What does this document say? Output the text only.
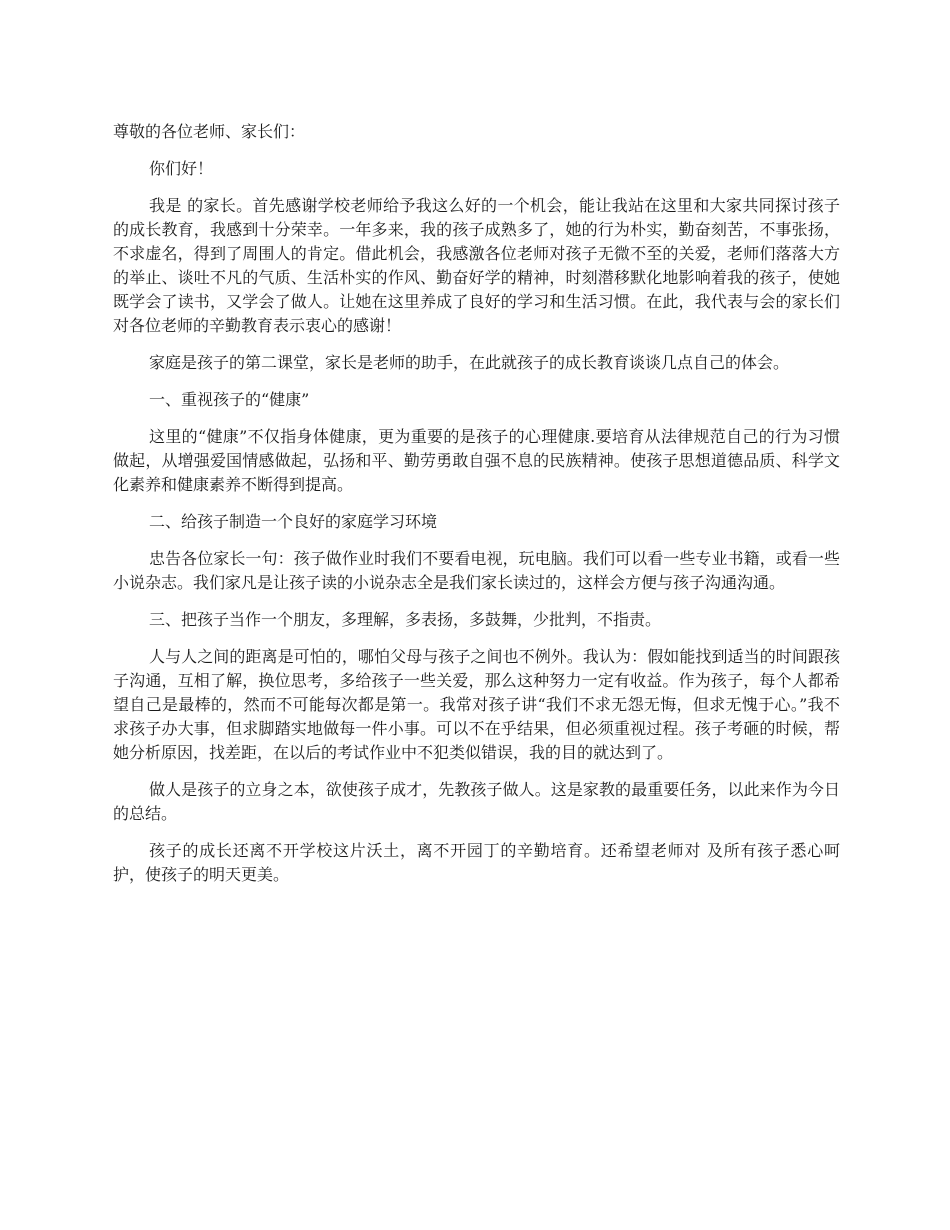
尊敬的各位老师、家长们：

你们好！

我是 的家长。首先感谢学校老师给予我这么好的一个机会，能让我站在这里和大家共同探讨孩子的成长教育，我感到十分荣幸。一年多来，我的孩子成熟多了，她的行为朴实，勤奋刻苦，不事张扬，不求虚名，得到了周围人的肯定。借此机会，我感激各位老师对孩子无微不至的关爱，老师们落落大方的举止、谈吐不凡的气质、生活朴实的作风、勤奋好学的精神，时刻潜移默化地影响着我的孩子，使她既学会了读书，又学会了做人。让她在这里养成了良好的学习和生活习惯。在此，我代表与会的家长们对各位老师的辛勤教育表示衷心的感谢！

家庭是孩子的第二课堂，家长是老师的助手，在此就孩子的成长教育谈谈几点自己的体会。

一、重视孩子的“健康”

这里的“健康”不仅指身体健康，更为重要的是孩子的心理健康.要培育从法律规范自己的行为习惯做起，从增强爱国情感做起，弘扬和平、勤劳勇敢自强不息的民族精神。使孩子思想道德品质、科学文化素养和健康素养不断得到提高。

二、给孩子制造一个良好的家庭学习环境

忠告各位家长一句：孩子做作业时我们不要看电视，玩电脑。我们可以看一些专业书籍，或看一些小说杂志。我们家凡是让孩子读的小说杂志全是我们家长读过的，这样会方便与孩子沟通沟通。

三、把孩子当作一个朋友，多理解，多表扬，多鼓舞，少批判，不指责。

人与人之间的距离是可怕的，哪怕父母与孩子之间也不例外。我认为：假如能找到适当的时间跟孩子沟通，互相了解，换位思考，多给孩子一些关爱，那么这种努力一定有收益。作为孩子，每个人都希望自己是最棒的，然而不可能每次都是第一。我常对孩子讲“我们不求无怨无悔，但求无愧于心。”我不求孩子办大事，但求脚踏实地做每一件小事。可以不在乎结果，但必须重视过程。孩子考砸的时候，帮她分析原因，找差距，在以后的考试作业中不犯类似错误，我的目的就达到了。

做人是孩子的立身之本，欲使孩子成才，先教孩子做人。这是家教的最重要任务，以此来作为今日的总结。

孩子的成长还离不开学校这片沃土，离不开园丁的辛勤培育。还希望老师对 及所有孩子悉心呵护，使孩子的明天更美。
